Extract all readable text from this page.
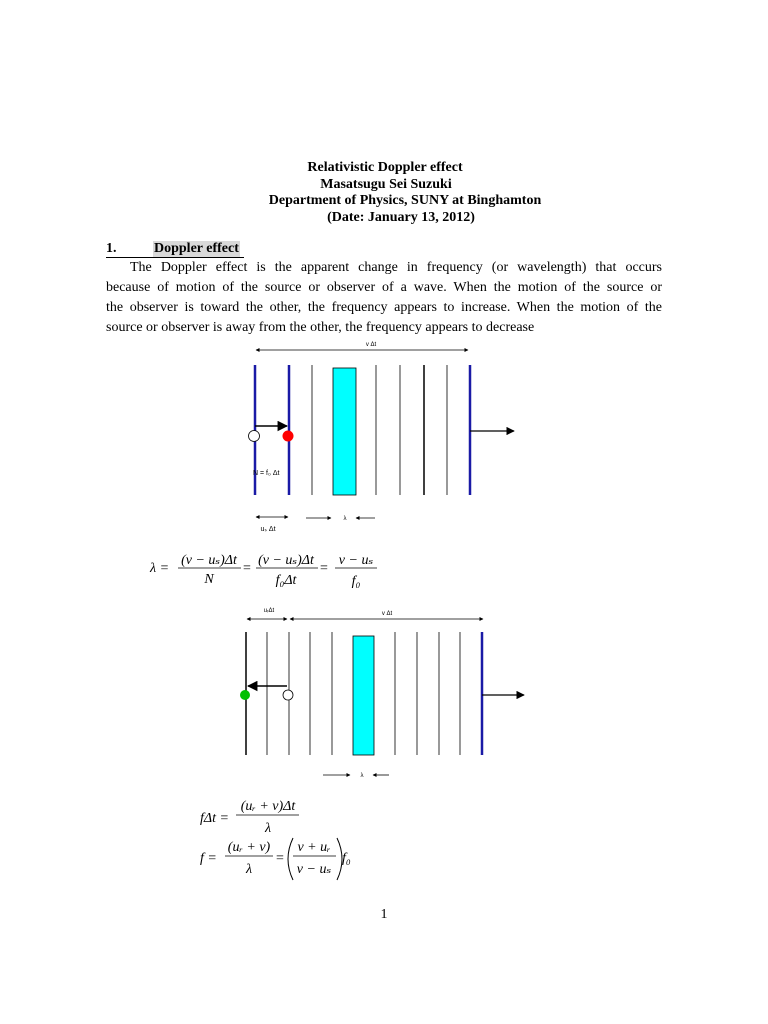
Relativistic Doppler effect
Masatsugu Sei Suzuki
Department of Physics, SUNY at Binghamton
(Date: January 13, 2012)
1.	Doppler effect
The Doppler effect is the apparent change in frequency (or wavelength) that occurs
because of motion of the source or observer of a wave. When the motion of the source or
the observer is toward the other, the frequency appears to increase. When the motion of the
source or observer is away from the other, the frequency appears to decrease
v Δt
N = f₀ Δt
uₛ Δt
λ
λ =
(v − uₛ)Δt
N
=
(v − uₛ)Δt
f₀Δt
=
v − uₛ
f₀
uᵣΔt	v Δt
λ
fΔt =
(uᵣ + v)Δt
λ
f =
(uᵣ + v)
λ
=
v + uᵣ
v − uₛ
f₀
1
